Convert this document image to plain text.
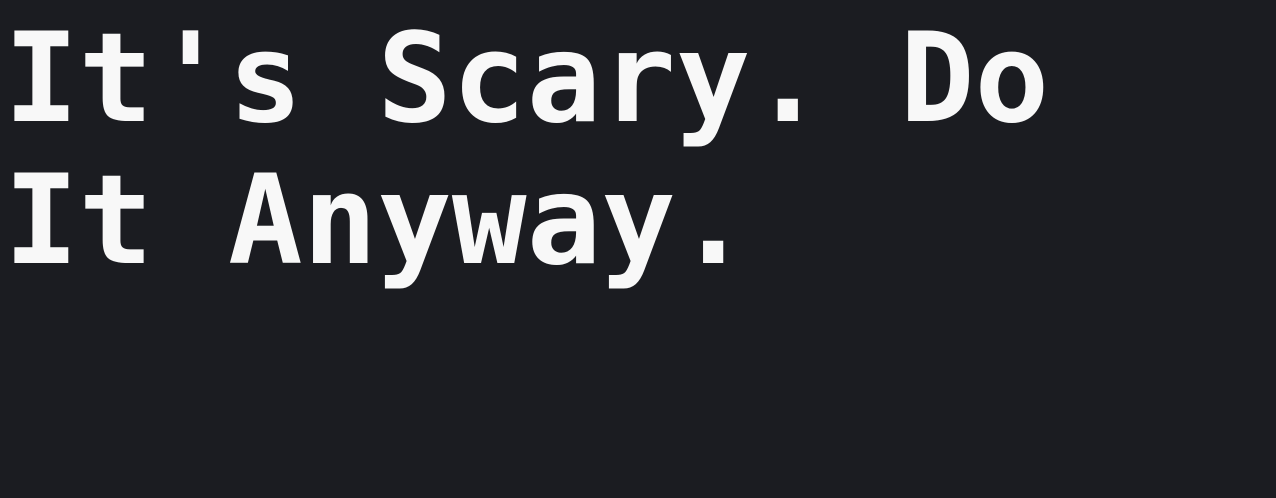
It's Scary. Do
It Anyway.
